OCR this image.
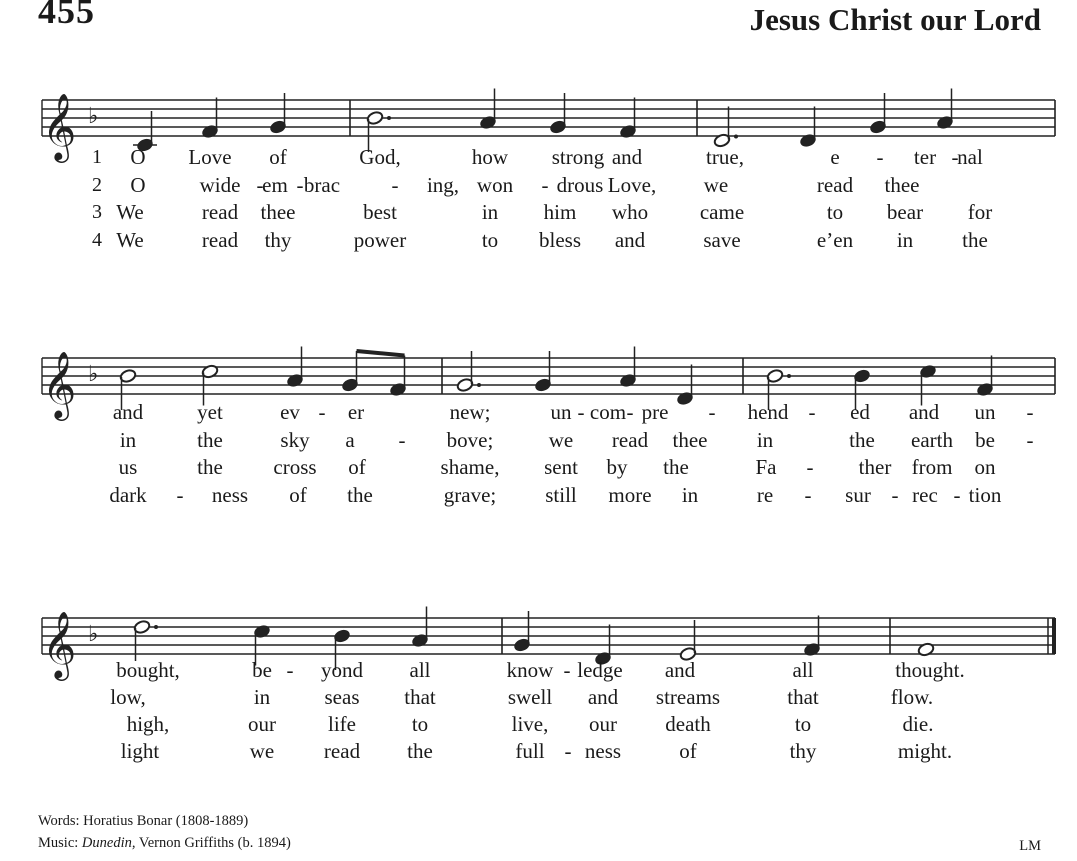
455	Jesus Christ our Lord
𝄞 ♭
1 O Love of	God,	how strong and	true,	e - ter -
nal
2 O	wide -
em - brac - ing, won - drous Love, we	read thee
3 We	read thee	best	in him who came	to bear for
4 We	read thy	power	to bless and	save	e’en in the
𝄞 ♭
and	yet	ev - er	new;	un - com - pre - hend - ed and un -
in	the	sky a - bove;	we read thee in	the earth be -
us	the cross of	shame, sent by the	Fa - ther from on
dark - ness of the	grave; still more in	re - sur - rec - tion
𝄞 ♭
bought,	be - yond all	know - ledge and	all	thought.
low,	in	seas that	swell and streams	that	flow.
high,	our life	to	live, our death	to	die.
light	we read the	full - ness	of	thy	might.
Words: Horatius Bonar (1808-1889)
Music: Dunedin, Vernon Griffiths (b. 1894)	LM
